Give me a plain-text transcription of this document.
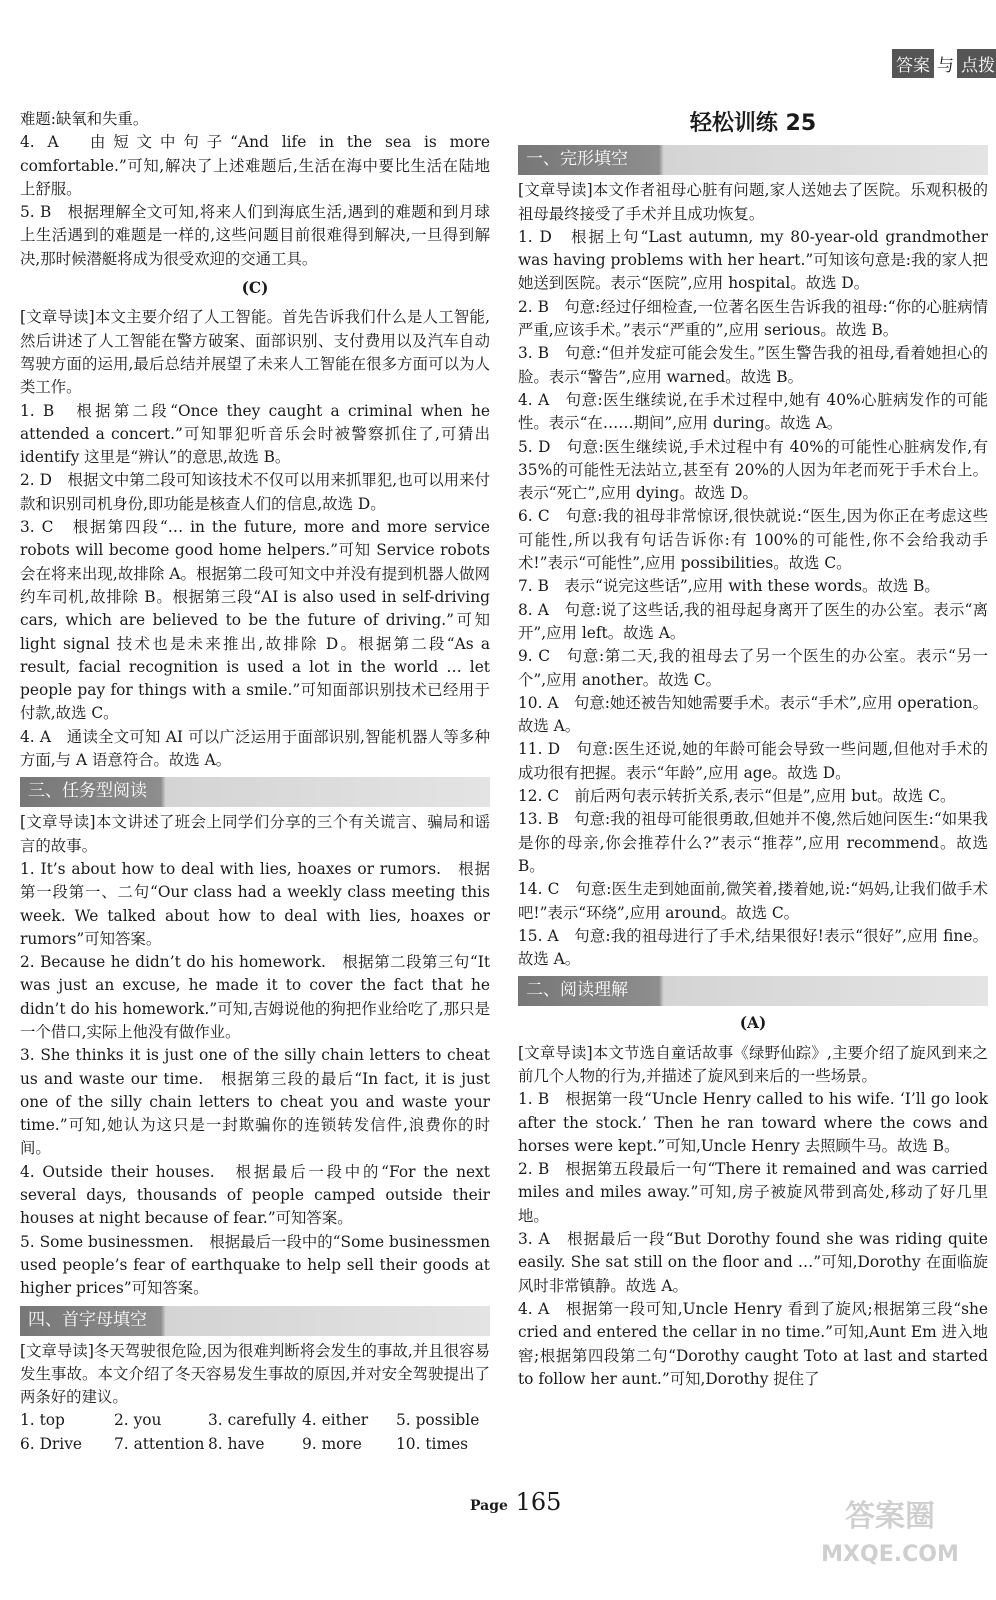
答案 与 点拨

难题:缺氧和失重。

4. A　由短文中句子“And life in the sea is more comfortable.”可知,解决了上述难题后,生活在海中要比生活在陆地上舒服。

5. B　根据理解全文可知,将来人们到海底生活,遇到的难题和到月球上生活遇到的难题是一样的,这些问题目前很难得到解决,一旦得到解决,那时候潜艇将成为很受欢迎的交通工具。

(C)

[文章导读]本文主要介绍了人工智能。首先告诉我们什么是人工智能,然后讲述了人工智能在警方破案、面部识别、支付费用以及汽车自动驾驶方面的运用,最后总结并展望了未来人工智能在很多方面可以为人类工作。

1. B　根据第二段“Once they caught a criminal when he attended a concert.”可知罪犯听音乐会时被警察抓住了,可猜出 identify 这里是“辨认”的意思,故选 B。

2. D　根据文中第二段可知该技术不仅可以用来抓罪犯,也可以用来付款和识别司机身份,即功能是核查人们的信息,故选 D。

3. C　根据第四段“… in the future, more and more service robots will become good home helpers.”可知 Service robots 会在将来出现,故排除 A。根据第二段可知文中并没有提到机器人做网约车司机,故排除 B。根据第三段“AI is also used in self-driving cars, which are believed to be the future of driving.”可知 light signal 技术也是未来推出,故排除 D。根据第二段“As a result, facial recognition is used a lot in the world … let people pay for things with a smile.”可知面部识别技术已经用于付款,故选 C。

4. A　通读全文可知 AI 可以广泛运用于面部识别,智能机器人等多种方面,与 A 语意符合。故选 A。

三、任务型阅读

[文章导读]本文讲述了班会上同学们分享的三个有关谎言、骗局和谣言的故事。

1. It’s about how to deal with lies, hoaxes or rumors.　根据第一段第一、二句“Our class had a weekly class meeting this week. We talked about how to deal with lies, hoaxes or rumors”可知答案。

2. Because he didn’t do his homework.　根据第二段第三句“It was just an excuse, he made it to cover the fact that he didn’t do his homework.”可知,吉姆说他的狗把作业给吃了,那只是一个借口,实际上他没有做作业。

3. She thinks it is just one of the silly chain letters to cheat us and waste our time.　根据第三段的最后“In fact, it is just one of the silly chain letters to cheat you and waste your time.”可知,她认为这只是一封欺骗你的连锁转发信件,浪费你的时间。

4. Outside their houses.　根据最后一段中的“For the next several days, thousands of people camped outside their houses at night because of fear.”可知答案。

5. Some businessmen.　根据最后一段中的“Some businessmen used people’s fear of earthquake to help sell their goods at higher prices”可知答案。

四、首字母填空

[文章导读]冬天驾驶很危险,因为很难判断将会发生的事故,并且很容易发生事故。本文介绍了冬天容易发生事故的原因,并对安全驾驶提出了两条好的建议。

1. top	2. you	3. carefully 4. either	5. possible
6. Drive	7. attention 8. have	9. more	10. times
轻松训练 25
一、完形填空

[文章导读]本文作者祖母心脏有问题,家人送她去了医院。乐观积极的祖母最终接受了手术并且成功恢复。

1. D　根据上句“Last autumn, my 80-year-old grandmother was having problems with her heart.”可知该句意是:我的家人把她送到医院。表示“医院”,应用 hospital。故选 D。

2. B　句意:经过仔细检查,一位著名医生告诉我的祖母:“你的心脏病情严重,应该手术。”表示“严重的”,应用 serious。故选 B。

3. B　句意:“但并发症可能会发生。”医生警告我的祖母,看着她担心的脸。表示“警告”,应用 warned。故选 B。

4. A　句意:医生继续说,在手术过程中,她有 40%心脏病发作的可能性。表示“在……期间”,应用 during。故选 A。

5. D　句意:医生继续说,手术过程中有 40%的可能性心脏病发作,有 35%的可能性无法站立,甚至有 20%的人因为年老而死于手术台上。表示“死亡”,应用 dying。故选 D。

6. C　句意:我的祖母非常惊讶,很快就说:“医生,因为你正在考虑这些可能性,所以我有句话告诉你:有 100%的可能性,你不会给我动手术!”表示“可能性”,应用 possibilities。故选 C。

7. B　表示“说完这些话”,应用 with these words。故选 B。

8. A　句意:说了这些话,我的祖母起身离开了医生的办公室。表示“离开”,应用 left。故选 A。

9. C　句意:第二天,我的祖母去了另一个医生的办公室。表示“另一个”,应用 another。故选 C。

10. A　句意:她还被告知她需要手术。表示“手术”,应用 operation。故选 A。

11. D　句意:医生还说,她的年龄可能会导致一些问题,但他对手术的成功很有把握。表示“年龄”,应用 age。故选 D。

12. C　前后两句表示转折关系,表示“但是”,应用 but。故选 C。

13. B　句意:我的祖母可能很勇敢,但她并不傻,然后她问医生:“如果我是你的母亲,你会推荐什么?”表示“推荐”,应用 recommend。故选 B。

14. C　句意:医生走到她面前,微笑着,搂着她,说:“妈妈,让我们做手术吧!”表示“环绕”,应用 around。故选 C。

15. A　句意:我的祖母进行了手术,结果很好!表示“很好”,应用 fine。故选 A。

二、阅读理解

(A)

[文章导读]本文节选自童话故事《绿野仙踪》,主要介绍了旋风到来之前几个人物的行为,并描述了旋风到来后的一些场景。

1. B　根据第一段“Uncle Henry called to his wife. ‘I’ll go look after the stock.’ Then he ran toward where the cows and horses were kept.”可知,Uncle Henry 去照顾牛马。故选 B。

2. B　根据第五段最后一句“There it remained and was carried miles and miles away.”可知,房子被旋风带到高处,移动了好几里地。

3. A　根据最后一段“But Dorothy found she was riding quite easily. She sat still on the floor and …”可知,Dorothy 在面临旋风时非常镇静。故选 A。

4. A　根据第一段可知,Uncle Henry 看到了旋风;根据第三段“she cried and entered the cellar in no time.”可知,Aunt Em 进入地窖;根据第四段第二句“Dorothy caught Toto at last and started to follow her aunt.”可知,Dorothy 捉住了

Page 165	答案圈
MXQE.COM
